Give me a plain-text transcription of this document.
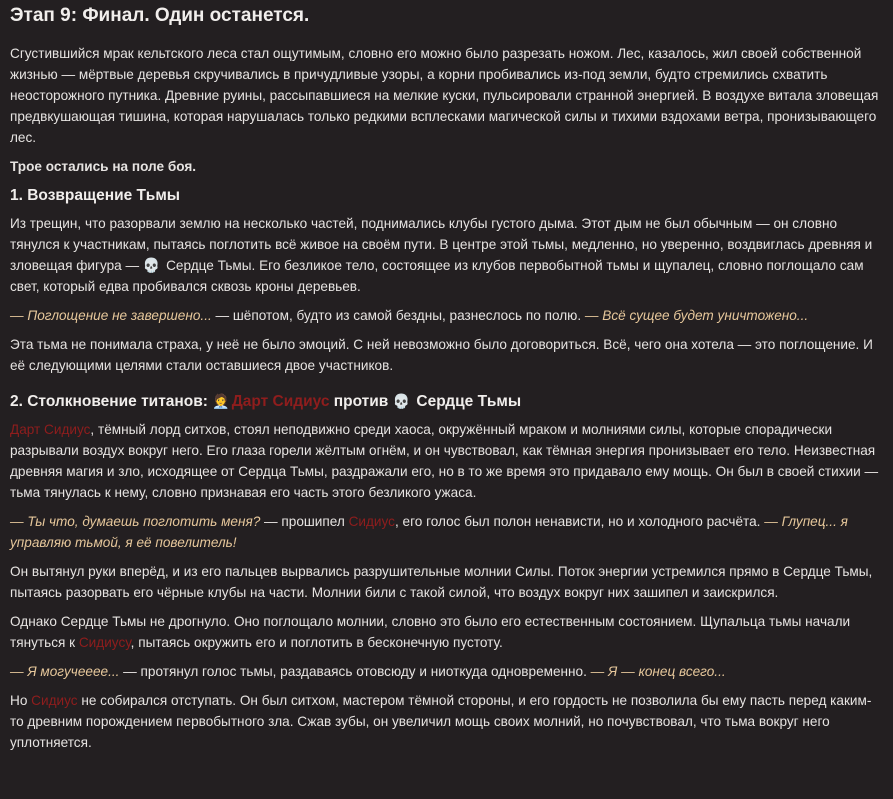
Этап 9: Финал. Один останется.

Сгустившийся мрак кельтского леса стал ощутимым, словно его можно было разрезать ножом. Лес, казалось, жил своей собственной жизнью — мёртвые деревья скручивались в причудливые узоры, а корни пробивались из-под земли, будто стремились схватить неосторожного путника. Древние руины, рассыпавшиеся на мелкие куски, пульсировали странной энергией. В воздухе витала зловещая предвкушающая тишина, которая нарушалась только редкими всплесками магической силы и тихими вздохами ветра, пронизывающего лес.

Трое остались на поле боя.

1. Возвращение Тьмы

Из трещин, что разорвали землю на несколько частей, поднимались клубы густого дыма. Этот дым не был обычным — он словно тянулся к участникам, пытаясь поглотить всё живое на своём пути. В центре этой тьмы, медленно, но уверенно, воздвиглась древняя и зловещая фигура — 💀 Сердце Тьмы. Его безликое тело, состоящее из клубов первобытной тьмы и щупалец, словно поглощало сам свет, который едва пробивался сквозь кроны деревьев.

— Поглощение не завершено... — шёпотом, будто из самой бездны, разнеслось по полю. — Всё сущее будет уничтожено...

Эта тьма не понимала страха, у неё не было эмоций. С ней невозможно было договориться. Всё, чего она хотела — это поглощение. И её следующими целями стали оставшиеся двое участников.

2. Столкновение титанов: 🧑‍💼 Дарт Сидиус против 💀 Сердце Тьмы

Дарт Сидиус, тёмный лорд ситхов, стоял неподвижно среди хаоса, окружённый мраком и молниями силы, которые спорадически разрывали воздух вокруг него. Его глаза горели жёлтым огнём, и он чувствовал, как тёмная энергия пронизывает его тело. Неизвестная древняя магия и зло, исходящее от Сердца Тьмы, раздражали его, но в то же время это придавало ему мощь. Он был в своей стихии — тьма тянулась к нему, словно признавая его часть этого безликого ужаса.

— Ты что, думаешь поглотить меня? — прошипел Сидиус, его голос был полон ненависти, но и холодного расчёта. — Глупец... я управляю тьмой, я её повелитель!

Он вытянул руки вперёд, и из его пальцев вырвались разрушительные молнии Силы. Поток энергии устремился прямо в Сердце Тьмы, пытаясь разорвать его чёрные клубы на части. Молнии били с такой силой, что воздух вокруг них зашипел и заискрился.

Однако Сердце Тьмы не дрогнуло. Оно поглощало молнии, словно это было его естественным состоянием. Щупальца тьмы начали тянуться к Сидиусу, пытаясь окружить его и поглотить в бесконечную пустоту.

— Я могучееее... — протянул голос тьмы, раздаваясь отовсюду и ниоткуда одновременно. — Я — конец всего...

Но Сидиус не собирался отступать. Он был ситхом, мастером тёмной стороны, и его гордость не позволила бы ему пасть перед каким-то древним порождением первобытного зла. Сжав зубы, он увеличил мощь своих молний, но почувствовал, что тьма вокруг него уплотняется.
